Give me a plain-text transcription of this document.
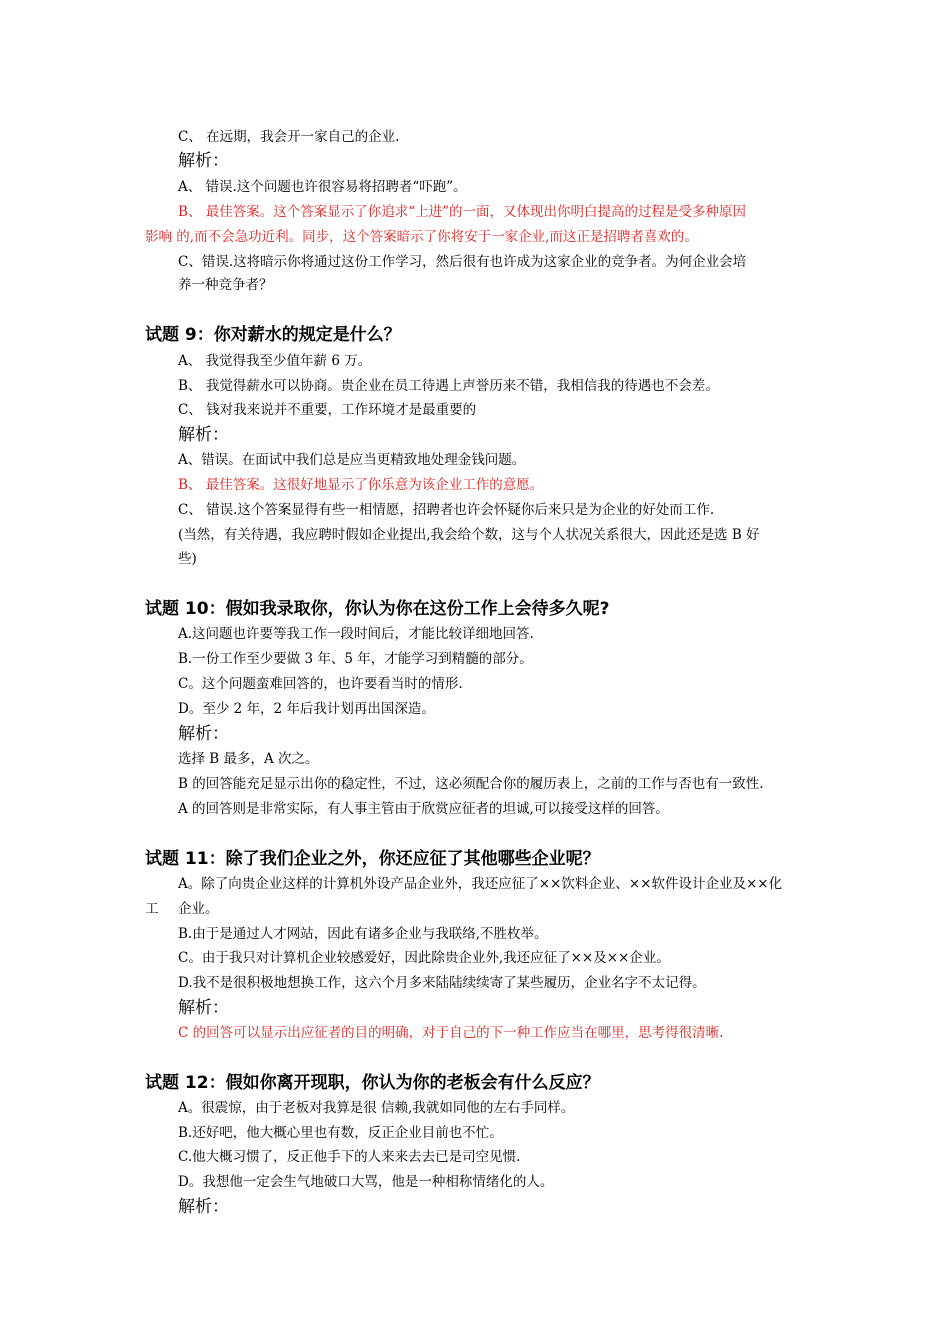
C、 在远期，我会开一家自己的企业.
解析：
A、 错误.这个问题也许很容易将招聘者“吓跑”。
B、 最佳答案。这个答案显示了你追求“上进”的一面，又体现出你明白提高的过程是受多种原因
影响 的,而不会急功近利。同步，这个答案暗示了你将安于一家企业,而这正是招聘者喜欢的。
C、错误.这将暗示你将通过这份工作学习，然后很有也许成为这家企业的竞争者。为何企业会培
养一种竞争者？
试题 9：你对薪水的规定是什么？
A、 我觉得我至少值年薪 6 万。
B、 我觉得薪水可以协商。贵企业在员工待遇上声誉历来不错，我相信我的待遇也不会差。
C、 钱对我来说并不重要，工作环境才是最重要的
解析：
A、错误。在面试中我们总是应当更精致地处理金钱问题。
B、 最佳答案。这很好地显示了你乐意为该企业工作的意愿。
C、 错误.这个答案显得有些一相情愿，招聘者也许会怀疑你后来只是为企业的好处而工作.
(当然，有关待遇，我应聘时假如企业提出,我会给个数，这与个人状况关系很大，因此还是选 B 好
些)
试题 10：假如我录取你，你认为你在这份工作上会待多久呢?
A.这问题也许要等我工作一段时间后，才能比较详细地回答.
B.一份工作至少要做 3 年、5 年，才能学习到精髓的部分。
C。这个问题蛮难回答的，也许要看当时的情形.
D。至少 2 年，2 年后我计划再出国深造。
解析：
选择 B 最多，A 次之。
B 的回答能充足显示出你的稳定性，不过，这必须配合你的履历表上，之前的工作与否也有一致性.
A 的回答则是非常实际，有人事主管由于欣赏应征者的坦诚,可以接受这样的回答。
试题 11：除了我们企业之外，你还应征了其他哪些企业呢？
A。除了向贵企业这样的计算机外设产品企业外，我还应征了××饮料企业、××软件设计企业及××化
工 企业。
B.由于是通过人才网站，因此有诸多企业与我联络,不胜枚举。
C。由于我只对计算机企业较感爱好，因此除贵企业外,我还应征了××及××企业。
D.我不是很积极地想换工作，这六个月多来陆陆续续寄了某些履历，企业名字不太记得。
解析：
C 的回答可以显示出应征者的目的明确，对于自己的下一种工作应当在哪里，思考得很清晰.
试题 12：假如你离开现职，你认为你的老板会有什么反应？
A。很震惊，由于老板对我算是很 信赖,我就如同他的左右手同样。
B.还好吧，他大概心里也有数，反正企业目前也不忙。
C.他大概习惯了，反正他手下的人来来去去已是司空见惯.
D。我想他一定会生气地破口大骂，他是一种相称情绪化的人。
解析：
